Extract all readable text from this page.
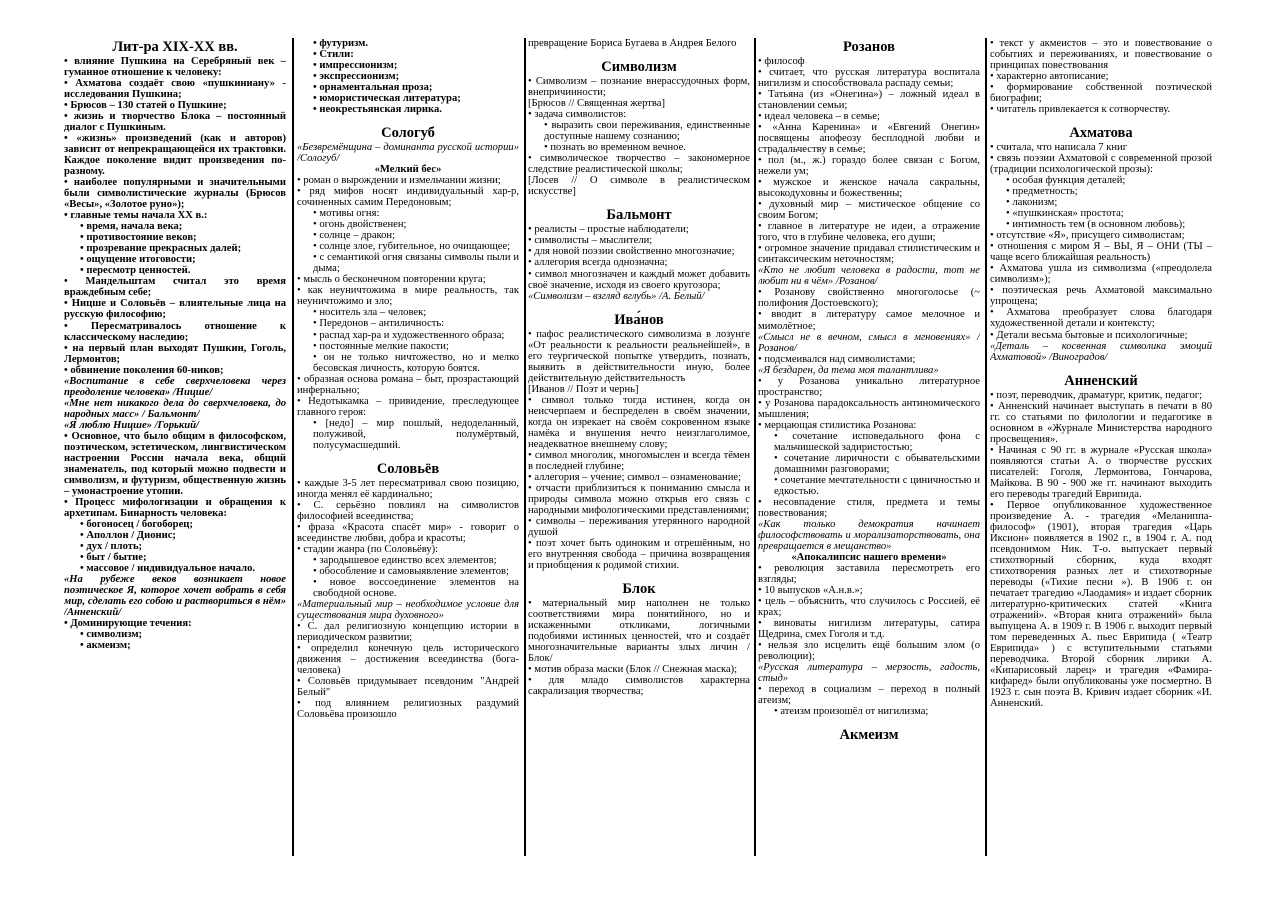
Лит-ра XIX-XX вв.

• влияние Пушкина на Серебряный век – гуманное отношение к человеку:

• Ахматова создаёт свою «пушкиниану» - исследования Пушкина;

• Брюсов – 130 статей о Пушкине;

• жизнь и творчество Блока – постоянный диалог с Пушкиным.

• «жизнь» произведений (как и авторов) зависит от непрекращающейся их трактовки. Каждое поколение видит произведения по-разному.

• наиболее популярными и значительными были символистические журналы (Брюсов «Весы», «Золотое руно»);

• главные темы начала XX в.:

• время, начала века;

• противостояние веков;

• прозревание прекрасных далей;

• ощущение итоговости;

• пересмотр ценностей.

• Мандельштам считал это время враждебным себе;

• Ницше и Соловьёв – влиятельные лица на русскую философию;

• Пересматривалось отношение к классическому наследию;

• на первый план выходят Пушкин, Гоголь, Лермонтов;

• обвинение поколения 60-ников;

«Воспитание в себе сверхчеловека через преодоление человека» /Ницше/

«Мне нет никакого дела до сверхчеловека, до народных масс» / Бальмонт/

«Я люблю Ницше» /Горький/

• Основное, что было общим в философском, поэтическом, эстетическом, лингвистическом настроении России начала века, общий знаменатель, под который можно подвести и символизм, и футуризм, общественную жизнь – умонастроение утопии.

• Процесс мифологизации и обращения к архетипам. Бинарность человека:

• богоносец / богоборец;

• Аполлон / Дионис;

• дух / плоть;

• быт / бытие;

• массовое / индивидуальное начало.

«На рубеже веков возникает новое поэтическое Я, которое хочет вобрать в себя мир, сделать его собою и раствориться в нём» /Анненский/

• Доминирующие течения:

• символизм;

• акмеизм;

• футуризм.

• Стили:

• импрессионизм;

• экспрессионизм;

• орнаментальная проза;

• юмористическая литература;

• неокрестьянская лирика.

Сологуб

«Безвремёнщина – доминанта русской истории» /Сологуб/

«Мелкий бес»

• роман о вырождении и измельчании жизни;

• ряд мифов носят индивидуальный хар-р, сочиненных самим Передоновым;

• мотивы огня:

• огонь двойственен;

• солнце – дракон;

• солнце злое, губительное, но очищающее;

• с семантикой огня связаны символы пыли и дыма;

• мысль о бесконечном повторении круга;

• как неуничтожима в мире реальность, так неуничтожимо и зло;

• носитель зла – человек;

• Передонов – антиличность:

• распад хар-ра и художественного образа;

• постоянные мелкие пакости;

• он не только ничтожество, но и мелко бесовская личность, которую боятся.

• образная основа романа – быт, прозрастающий инфернально;

• Недотыкамка – привидение, преследующее главного героя:

• [недо] – мир пошлый, недоделанный, полуживой, полумёртвый, полусумасшедший.

Соловьёв

• каждые 3-5 лет пересматривал свою позицию, иногда менял её кардинально;

• С. серьёзно повлиял на символистов философией всеединства;

• фраза «Красота спасёт мир» - говорит о всеединстве любви, добра и красоты;

• стадии жанра (по Соловьёву):

• зародышевое единство всех элементов;

• обособление и самовыявление элементов;

• новое воссоединение элементов на свободной основе.

«Материальный мир – необходимое условие для существования мира духовного»

• С. дал религиозную концепцию истории в периодическом развитии;

• определил конечную цель исторического движения – достижения всеединства (бога-человека)

• Соловьёв придумывает псевдоним "Андрей Белый"

• под влиянием религиозных раздумий Соловьёва произошло

превращение Бориса Бугаева в Андрея Белого

Символизм

• Символизм – познание внерассудочных форм, внепричинности;

[Брюсов // Священная жертва]

• задача символистов:

• выразить свои переживания, единственные доступные нашему сознанию;

• познать во временном вечное.

• символическое творчество – закономерное следствие реалистической школы;

[Лосев // О символе в реалистическом искусстве]

Бальмонт

• реалисты – простые наблюдатели;

• символисты – мыслители;

• для новой поэзии свойственно многозначие;

• аллегория всегда однозначна;

• символ многозначен и каждый может добавить своё значение, исходя из своего кругозора;

«Символизм – взгляд вглубь» /А. Белый/

Ива́нов

• пафос реалистического символизма в лозунге «От реальности к реальности реальнейшей», в его теургической попытке утвердить, познать, выявить в действительности иную, более действительную действительность

[Иванов // Поэт и чернь]

• символ только тогда истинен, когда он неисчерпаем и беспределен в своём значении, когда он изрекает на своём сокровенном языке намёка и внушения нечто неизглаголимое, неадекватное внешнему слову;

• символ многолик, многомыслен и всегда тёмен в последней глубине;

• аллегория – учение; символ – ознаменование;

• отчасти приблизиться к пониманию смысла и природы символа можно открыв его связь с народными мифологическими представлениями;

• символы – переживания утерянного народной душой

• поэт хочет быть одиноким и отрешённым, но его внутренняя свобода – причина возвращения и приобщения к родимой стихии.

Блок

• материальный мир наполнен не только соответствиями мира понятийного, но и искаженными откликами, логичными подобиями истинных ценностей, что и создаёт многозначительные варианты злых личин / Блок/

• мотив образа маски (Блок // Снежная маска);

• для младо символистов характерна сакрализация творчества;

Розанов

• философ

• считает, что русская литература воспитала нигилизм и способствовала распаду семьи;

• Татьяна (из «Онегина») – ложный идеал в становлении семьи;

• идеал человека – в семье;

• «Анна Каренина» и «Евгений Онегин» посвящены апофеозу бесплодной любви и страдальчеству в семье;

• пол (м., ж.) гораздо более связан с Богом, нежели ум;

• мужское и женское начала сакральны, высокодуховны и божественны;

• духовный мир – мистическое общение со своим Богом;

• главное в литературе не идеи, а отражение того, что в глубине человека, его души;

• огромное значение придавал стилистическим и синтаксическим неточностям;

«Кто не любит человека в радости, тот не любит ни в чём» /Розанов/

• Розанову свойственно многоголосье (~ полифония Достоевского);

• вводит в литературу самое мелочное и мимолётное;

«Смысл не в вечном, смысл в мгновениях» /Розанов/

• подсмеивался над символистами;

«Я бездарен, да тема моя талантлива»

• у Розанова уникально литературное пространство;

• у Розанова парадоксальность антиномического мышления;

• мерцающая стилистика Розанова:

• сочетание исповедального фона с мальчишеской задиристостью;

• сочетание лиричности с обывательскими домашними разговорами;

• сочетание мечтательности с циничностью и едкостью.

• несовпадение стиля, предмета и темы повествования;

«Как только демократия начинает философствовать и морализаторствовать, она превращается в мещанство»

«Апокалипсис нашего времени»

• революция заставила пересмотреть его взгляды;

• 10 выпусков «А.н.в.»;

• цель – объяснить, что случилось с Россией, её крах;

• виноваты нигилизм литературы, сатира Щедрина, смех Гоголя и т.д.

• нельзя зло исцелить ещё большим злом (о революции);

«Русская литература – мерзость, гадость, стыд»

• переход в социализм – переход в полный атеизм;

• атеизм произошёл от нигилизма;

Акмеизм

• текст у акмеистов – это и повествование о событиях и переживаниях, и повествование о принципах повествования

• характерно автописание;

• формирование собственной поэтической биографии;

• читатель привлекается к сотворчеству.

Ахматова

• считала, что написала 7 книг

• связь поэзии Ахматовой с современной прозой (традиции психологической прозы):

• особая функция деталей;

• предметность;

• лаконизм;

• «пушкинская» простота;

• интимность тем (в основном любовь);

• отсутствие «Я», присущего символистам;

• отношения с миром Я – ВЫ, Я – ОНИ (ТЫ – чаще всего ближайшая реальность)

• Ахматова ушла из символизма («преодолела символизм»);

• поэтическая речь Ахматовой максимально упрощена;

• Ахматова преобразует слова благодаря художественной детали и контексту;

• Детали весьма бытовые и психологичные;

«Деталь – косвенная символика эмоций Ахматовой» /Виноградов/

Анненский

• поэт, переводчик, драматург, критик, педагог;

• Анненский начинает выступать в печати в 80 гг. со статьями по филологии и педагогике в основном в «Журнале Министерства народного просвещения».

• Начиная с 90 гг. в журнале «Русская школа» появляются статьи А. о творчестве русских писателей: Гоголя, Лермонтова, Гончарова, Майкова. В 90 - 900 же гг. начинают выходить его переводы трагедий Еврипида.

• Первое опубликованное художественное произведение А. - трагедия «Меланиппа-философ» (1901), вторая трагедия «Царь Иксион» появляется в 1902 г., в 1904 г. А. под псевдонимом Ник. Т-о. выпускает первый стихотворный сборник, куда входят стихотворения разных лет и стихотворные переводы («Тихие песни »). В 1906 г. он печатает трагедию «Лаодамия» и издает сборник литературно-критических статей «Книга отражений». «Вторая книга отражений» была выпущена А. в 1909 г. В 1906 г. выходит первый том переведенных А. пьес Еврипида ( «Театр Еврипида» ) с вступительными статьями переводчика. Второй сборник лирики А. «Кипарисовый ларец» и трагедия «Фамира-кифаред» были опубликованы уже посмертно. В 1923 г. сын поэта В. Кривич издает сборник «И. Анненский.
